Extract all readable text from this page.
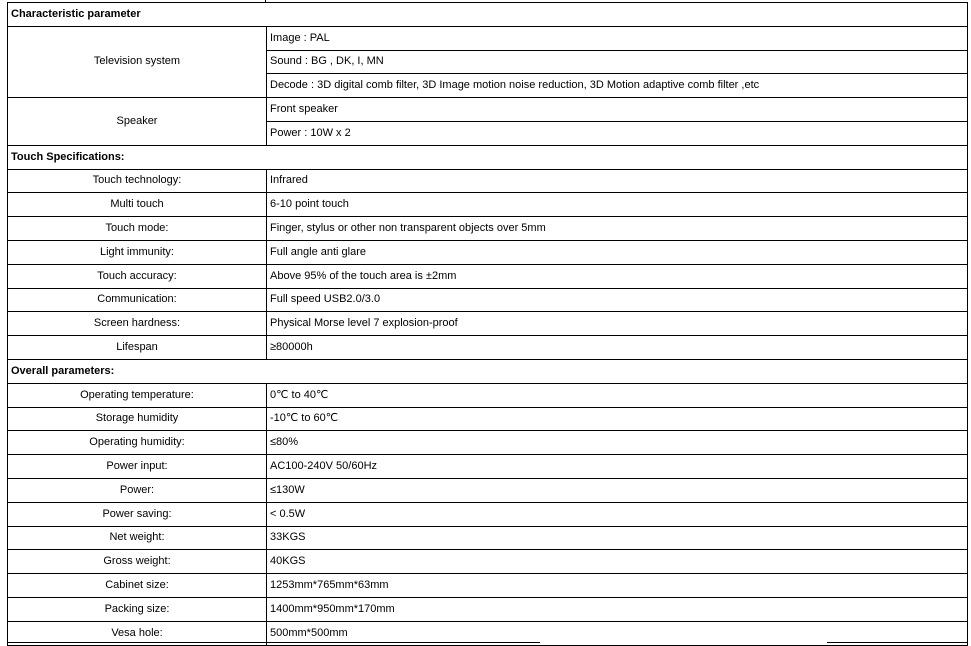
Characteristic parameter	
Television system	Image : PAL
	Sound : BG , DK, I, MN
	Decode : 3D digital comb filter, 3D Image motion noise reduction, 3D Motion adaptive comb filter ,etc
Speaker	Front speaker
	Power : 10W x 2
Touch Specifications:	
Touch technology:	Infrared
Multi touch	6-10 point touch
Touch mode:	Finger, stylus or other non transparent objects over 5mm
Light immunity:	Full angle anti glare
Touch accuracy:	Above 95% of the touch area is ±2mm
Communication:	Full speed USB2.0/3.0
Screen hardness:	Physical Morse level 7 explosion-proof
Lifespan	≥80000h
Overall parameters:	
Operating temperature:	0℃ to 40℃
Storage humidity	-10℃ to 60℃
Operating humidity:	≤80%
Power input:	AC100-240V 50/60Hz
Power:	≤130W
Power saving:	< 0.5W
Net weight:	33KGS
Gross weight:	40KGS
Cabinet size:	1253mm*765mm*63mm
Packing size:	1400mm*950mm*170mm
Vesa hole:	500mm*500mm
